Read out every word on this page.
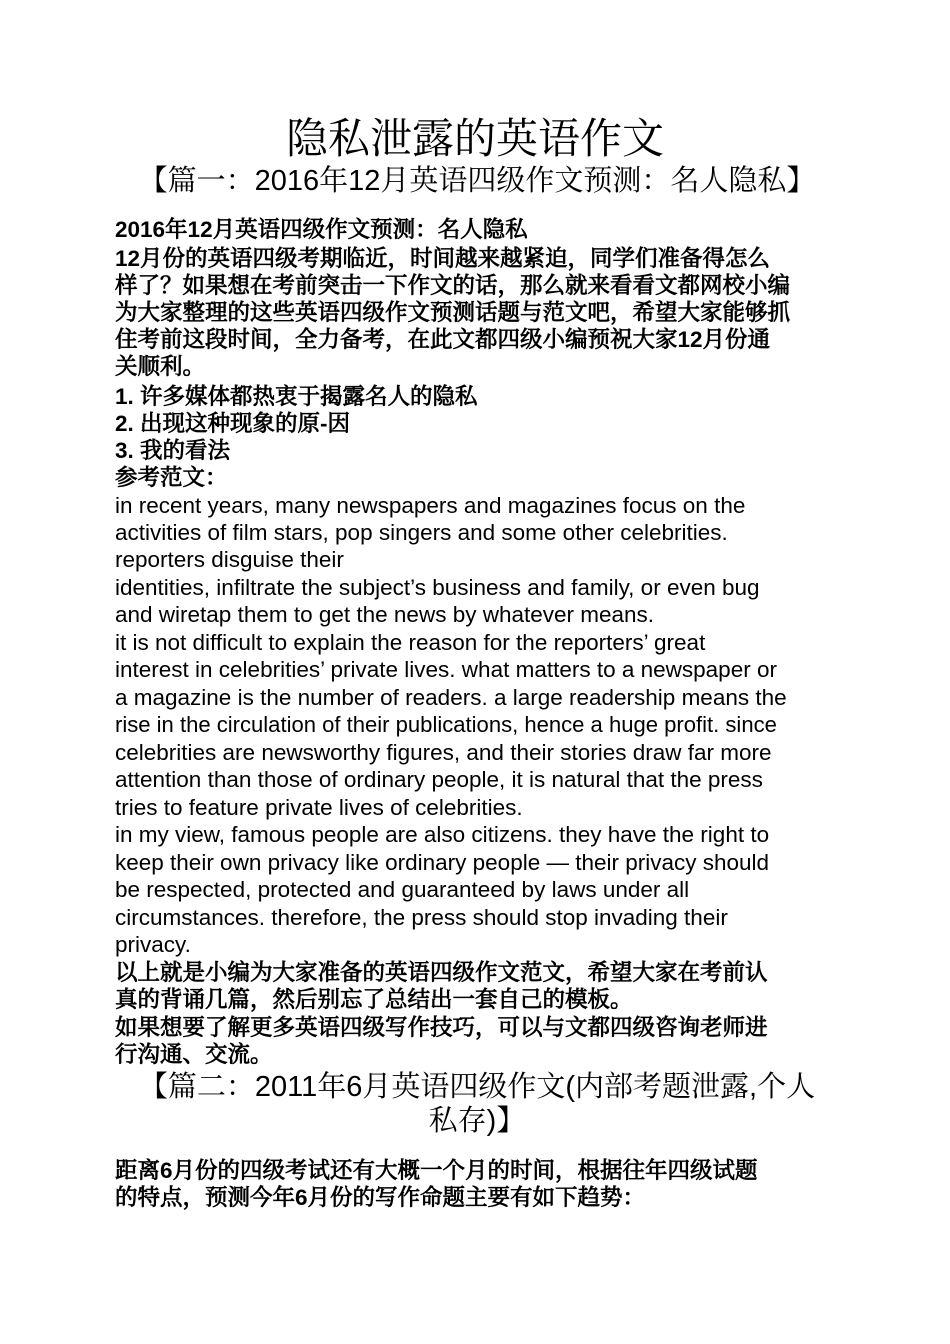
隐私泄露的英语作文
【篇一：2016年12月英语四级作文预测：名人隐私】
2016年12月英语四级作文预测：名人隐私
12月份的英语四级考期临近，时间越来越紧迫，同学们准备得怎么
样了？如果想在考前突击一下作文的话，那么就来看看文都网校小编
为大家整理的这些英语四级作文预测话题与范文吧，希望大家能够抓
住考前这段时间，全力备考，在此文都四级小编预祝大家12月份通
关顺利。
1. 许多媒体都热衷于揭露名人的隐私
2. 出现这种现象的原-因
3. 我的看法
参考范文：
in recent years, many newspapers and magazines focus on the
activities of film stars, pop singers and some other celebrities.
reporters disguise their
identities, infiltrate the subject’s business and family, or even bug
and wiretap them to get the news by whatever means.
it is not difficult to explain the reason for the reporters’ great
interest in celebrities’ private lives. what matters to a newspaper or
a magazine is the number of readers. a large readership means the
rise in the circulation of their publications, hence a huge profit. since
celebrities are newsworthy figures, and their stories draw far more
attention than those of ordinary people, it is natural that the press
tries to feature private lives of celebrities.
in my view, famous people are also citizens. they have the right to
keep their own privacy like ordinary people — their privacy should
be respected, protected and guaranteed by laws under all
circumstances. therefore, the press should stop invading their
privacy.
以上就是小编为大家准备的英语四级作文范文，希望大家在考前认
真的背诵几篇，然后别忘了总结出一套自己的模板。
如果想要了解更多英语四级写作技巧，可以与文都四级咨询老师进
行沟通、交流。
【篇二：2011年6月英语四级作文(内部考题泄露,个人
私存)】
距离6月份的四级考试还有大概一个月的时间，根据往年四级试题
的特点，预测今年6月份的写作命题主要有如下趋势：
